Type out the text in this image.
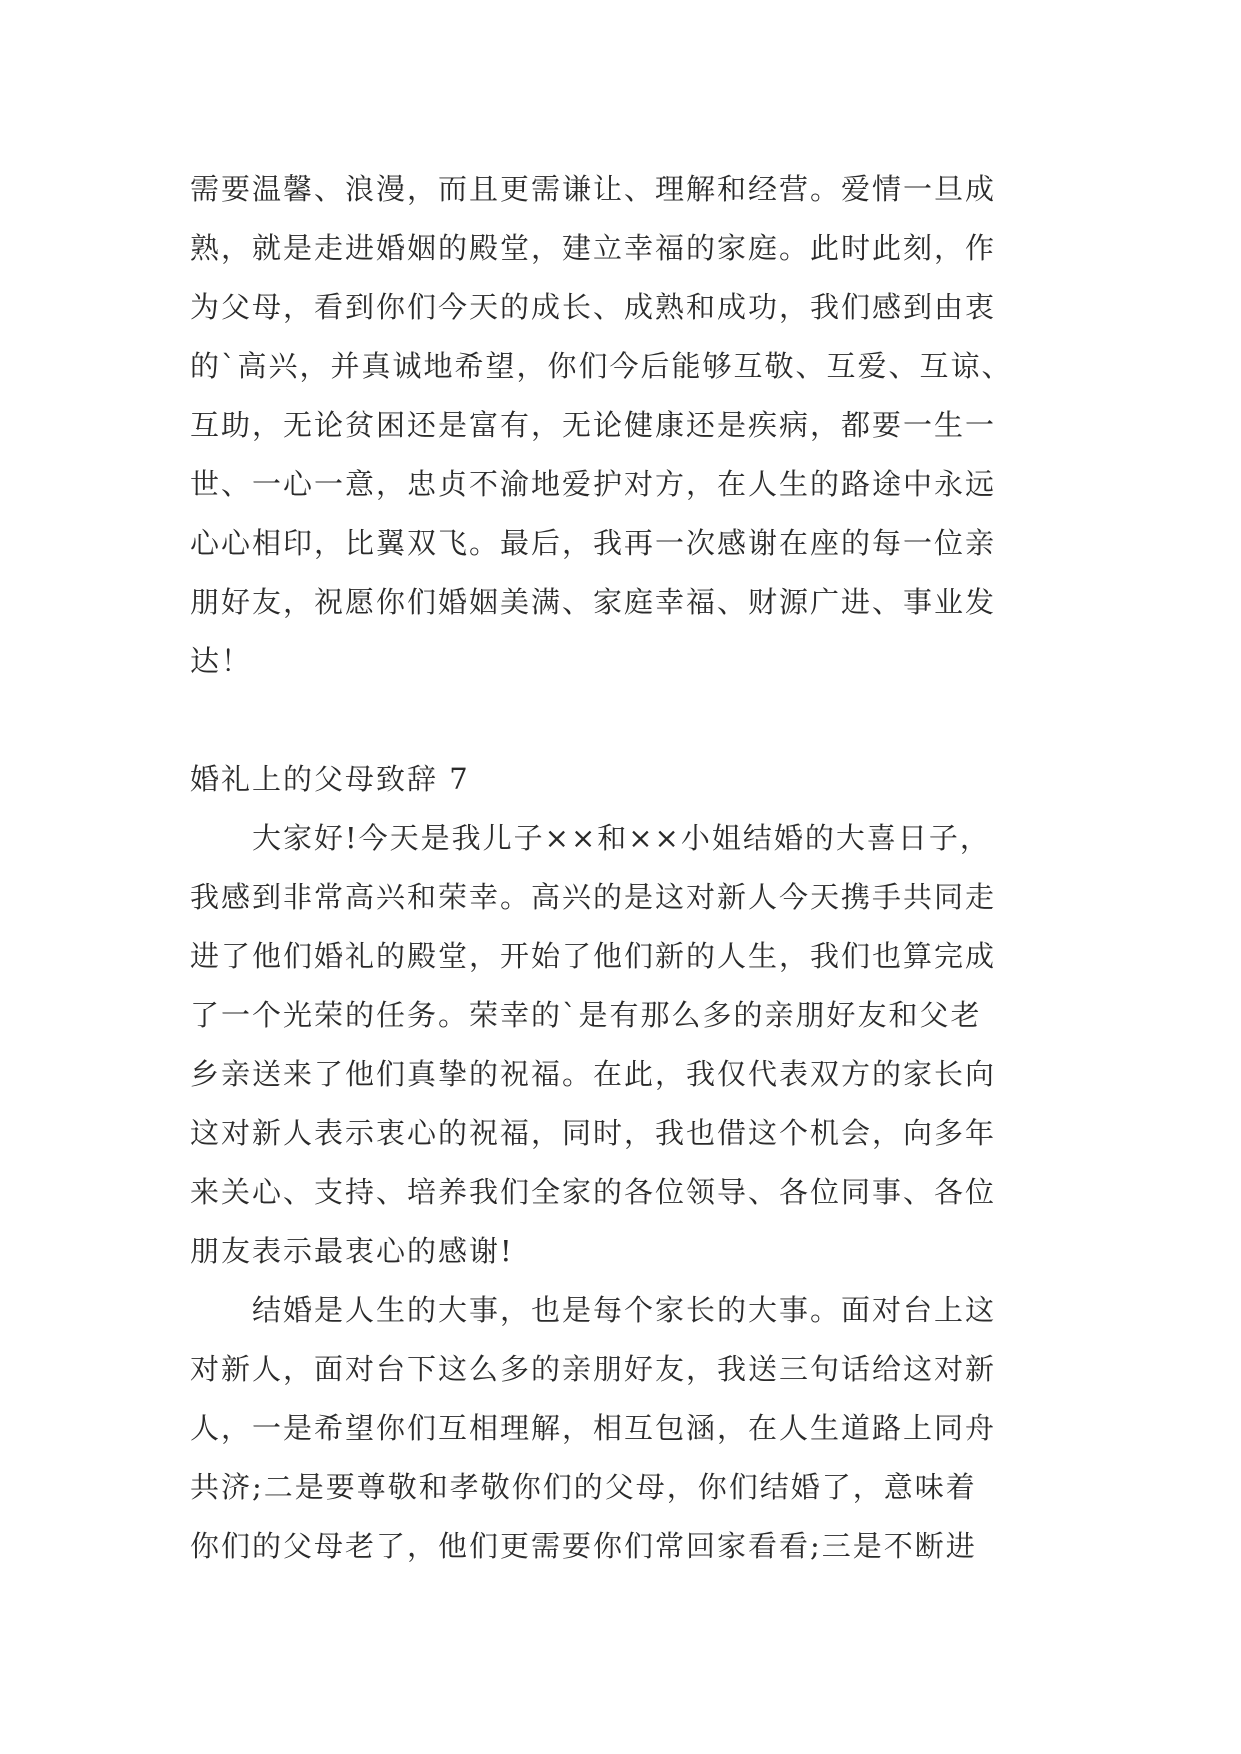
需要温馨、浪漫，而且更需谦让、理解和经营。爱情一旦成
熟，就是走进婚姻的殿堂，建立幸福的家庭。此时此刻，作
为父母，看到你们今天的成长、成熟和成功，我们感到由衷
的`高兴，并真诚地希望，你们今后能够互敬、互爱、互谅、
互助，无论贫困还是富有，无论健康还是疾病，都要一生一
世、一心一意，忠贞不渝地爱护对方，在人生的路途中永远
心心相印，比翼双飞。最后，我再一次感谢在座的每一位亲
朋好友，祝愿你们婚姻美满、家庭幸福、财源广进、事业发
达！
婚礼上的父母致辞 7
　　大家好!今天是我儿子××和××小姐结婚的大喜日子，
我感到非常高兴和荣幸。高兴的是这对新人今天携手共同走
进了他们婚礼的殿堂，开始了他们新的人生，我们也算完成
了一个光荣的任务。荣幸的`是有那么多的亲朋好友和父老
乡亲送来了他们真挚的祝福。在此，我仅代表双方的家长向
这对新人表示衷心的祝福，同时，我也借这个机会，向多年
来关心、支持、培养我们全家的各位领导、各位同事、各位
朋友表示最衷心的感谢!
　　结婚是人生的大事，也是每个家长的大事。面对台上这
对新人，面对台下这么多的亲朋好友，我送三句话给这对新
人，一是希望你们互相理解，相互包涵，在人生道路上同舟
共济;二是要尊敬和孝敬你们的父母，你们结婚了，意味着
你们的父母老了，他们更需要你们常回家看看;三是不断进
